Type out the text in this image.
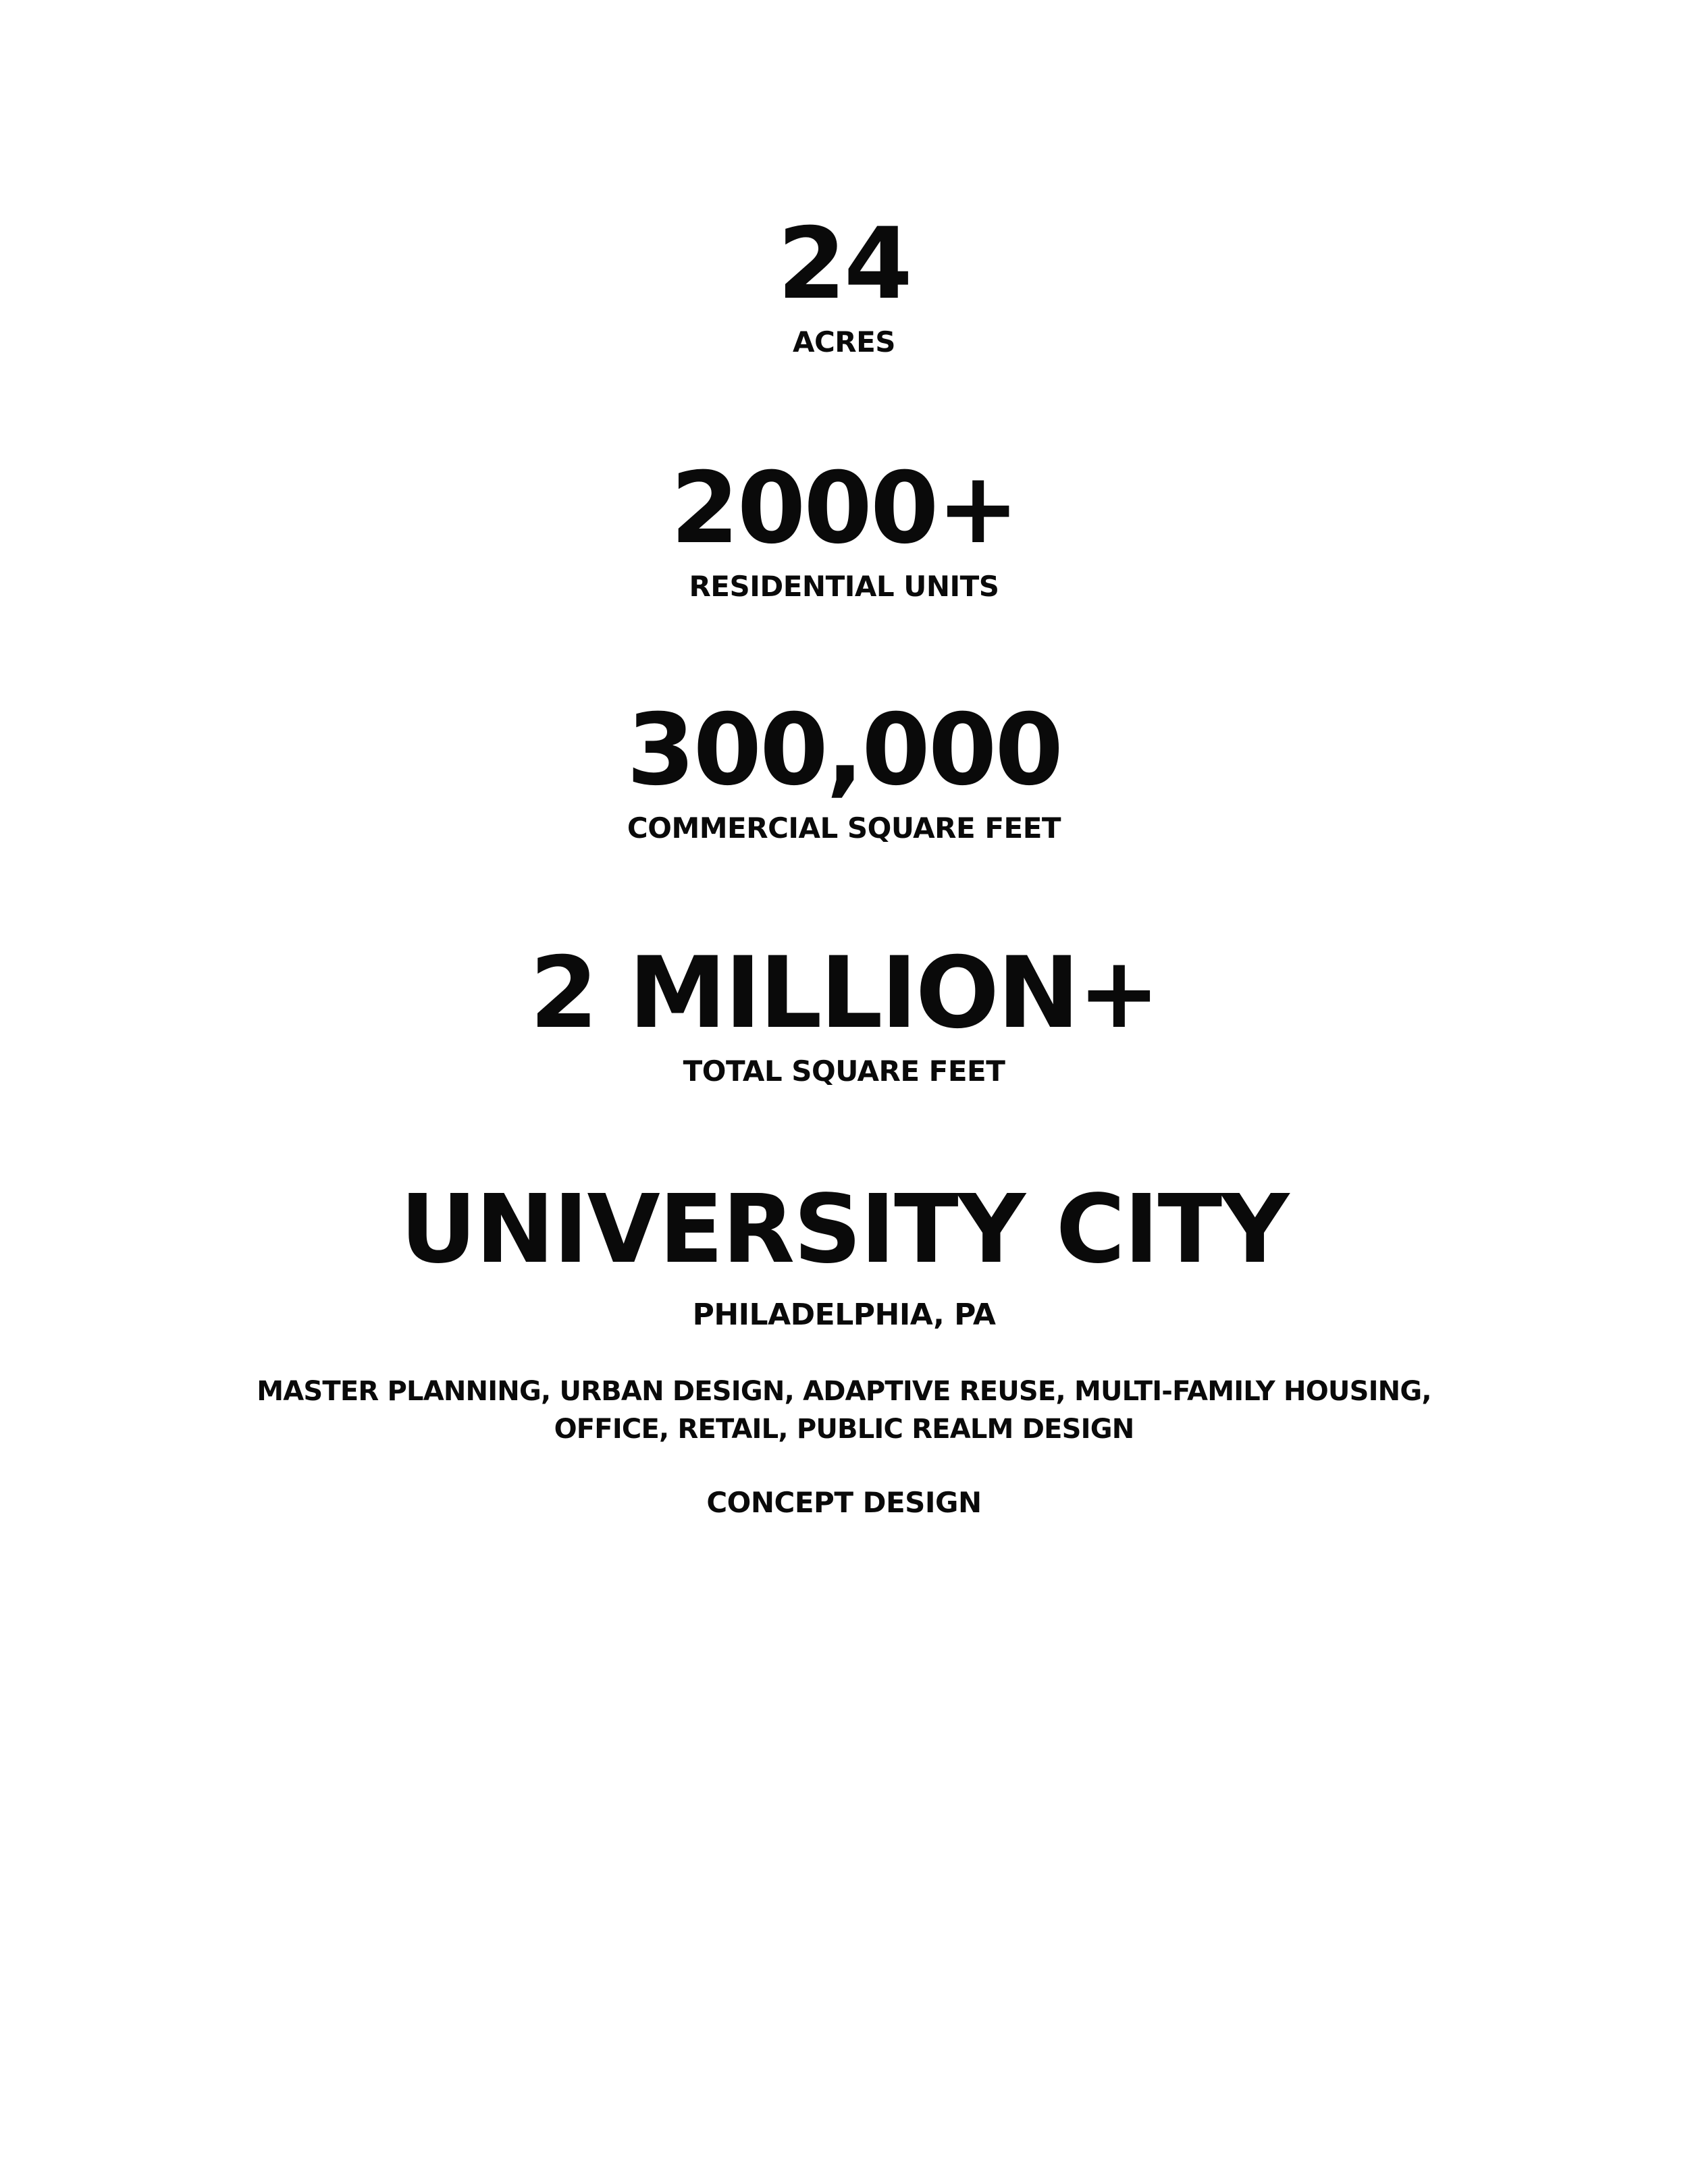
24
ACRES
2000+
RESIDENTIAL UNITS
300,000
COMMERCIAL SQUARE FEET
2 MILLION+
TOTAL SQUARE FEET
UNIVERSITY CITY
PHILADELPHIA, PA
MASTER PLANNING, URBAN DESIGN, ADAPTIVE REUSE, MULTI-FAMILY HOUSING,
OFFICE, RETAIL, PUBLIC REALM DESIGN
CONCEPT DESIGN
